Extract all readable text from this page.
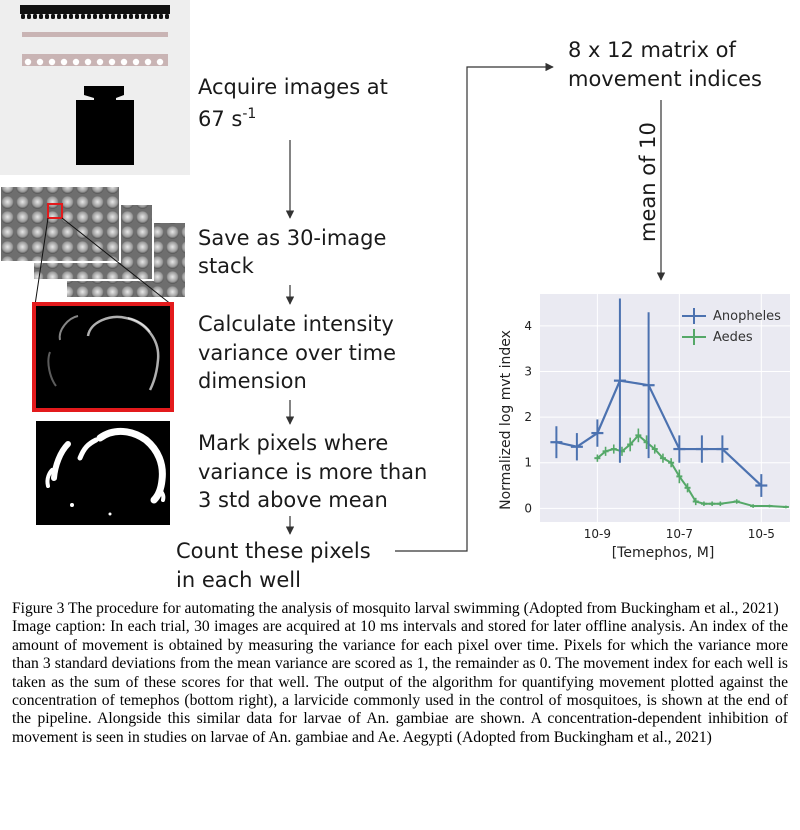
Acquire images at
67 $s^{-1}$
Save as 30-image
stack
Calculate intensity
variance over time
dimension
Mark pixels where
variance is more than
3 std above mean
Count these pixels
in each well
8 x 12 matrix of
movement indices
mean of 10
0
1
2
3
4
10-9	10-7	10-5
[Temephos, M]
Normalized log mvt index
Anopheles
Aedes

Figure 3 The procedure for automating the analysis of mosquito larval swimming (Adopted from Buckingham et al., 2021)

Image caption: In each trial, 30 images are acquired at 10 ms intervals and stored for later offline analysis. An index of the amount of movement is obtained by measuring the variance for each pixel over time. Pixels for which the variance more than 3 standard deviations from the mean variance are scored as 1, the remainder as 0. The movement index for each well is taken as the sum of these scores for that well. The output of the algorithm for quantifying movement plotted against the concentration of temephos (bottom right), a larvicide commonly used in the control of mosquitoes, is shown at the end of the pipeline. Alongside this similar data for larvae of An. gambiae are shown. A concentration-dependent inhibition of movement is seen in studies on larvae of An. gambiae and Ae. Aegypti (Adopted from Buckingham et al., 2021)
